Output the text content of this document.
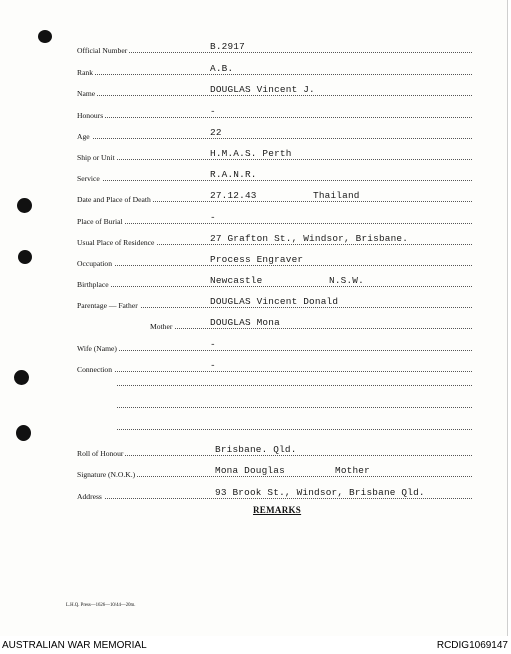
Official Number	B.2917
Rank	A.B.
Name	DOUGLAS Vincent J.
Honours	-
Age	22
Ship or Unit	H.M.A.S. Perth
Service	R.A.N.R.
Date and Place of Death	27.12.43	Thailand
Place of Burial	-
Usual Place of Residence	27 Grafton St., Windsor, Brisbane.
Occupation	Process Engraver
Birthplace	Newcastle	N.S.W.
Parentage — Father	DOUGLAS Vincent Donald
Mother	DOUGLAS Mona
Wife (Name)	-
Connection	-
Roll of Honour	Brisbane. Qld.
Signature (N.O.K.)	Mona Douglas	Mother
Address	93 Brook St., Windsor, Brisbane Qld.
REMARKS
L.H.Q. Press—1626—10/44—20m.
AUSTRALIAN WAR MEMORIAL	RCDIG1069147
